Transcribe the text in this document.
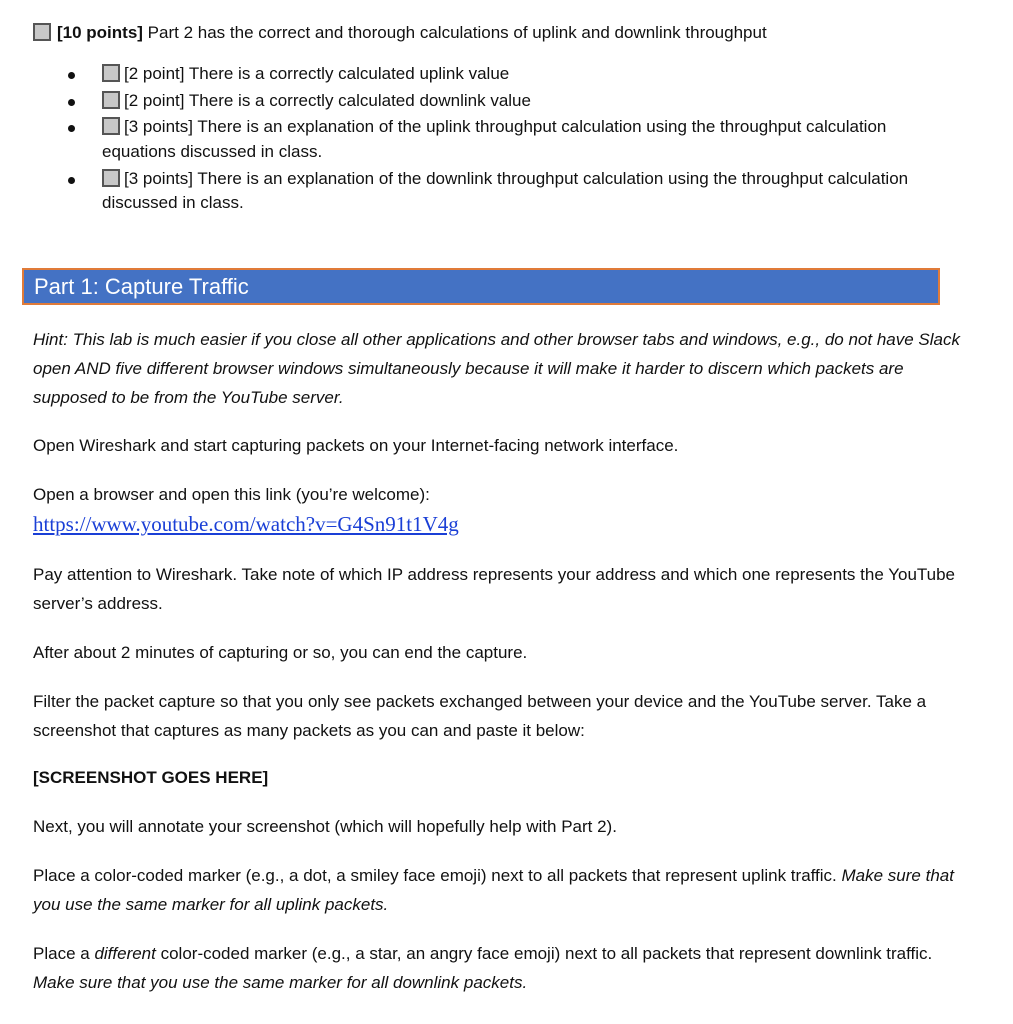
[10 points] Part 2 has the correct and thorough calculations of uplink and downlink throughput
[2 point] There is a correctly calculated uplink value
[2 point] There is a correctly calculated downlink value
[3 points] There is an explanation of the uplink throughput calculation using the throughput calculation equations discussed in class.
[3 points] There is an explanation of the downlink throughput calculation using the throughput calculation discussed in class.
Part 1: Capture Traffic

Hint: This lab is much easier if you close all other applications and other browser tabs and windows, e.g., do not have Slack open AND five different browser windows simultaneously because it will make it harder to discern which packets are supposed to be from the YouTube server.

Open Wireshark and start capturing packets on your Internet-facing network interface.

Open a browser and open this link (you’re welcome):

https://www.youtube.com/watch?v=G4Sn91t1V4g

Pay attention to Wireshark. Take note of which IP address represents your address and which one represents the YouTube server’s address.

After about 2 minutes of capturing or so, you can end the capture.

Filter the packet capture so that you only see packets exchanged between your device and the YouTube server. Take a screenshot that captures as many packets as you can and paste it below:

[SCREENSHOT GOES HERE]

Next, you will annotate your screenshot (which will hopefully help with Part 2).

Place a color-coded marker (e.g., a dot, a smiley face emoji) next to all packets that represent uplink traffic. Make sure that you use the same marker for all uplink packets.

Place a different color-coded marker (e.g., a star, an angry face emoji) next to all packets that represent downlink traffic. Make sure that you use the same marker for all downlink packets.
